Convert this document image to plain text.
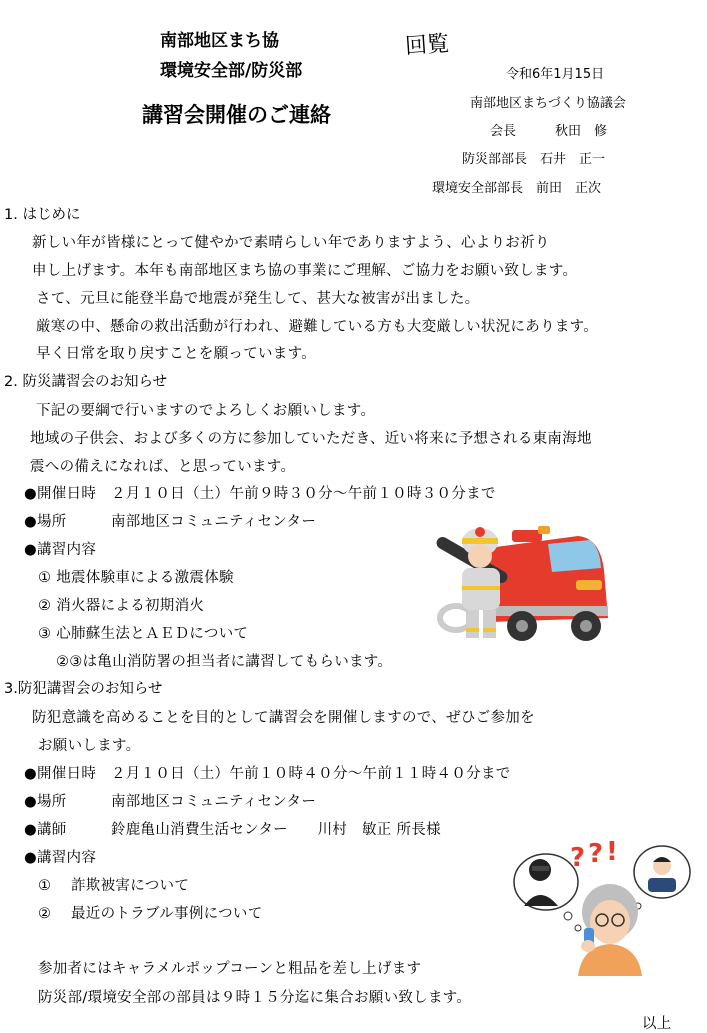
南部地区まち協
環境安全部/防災部
講習会開催のご連絡
回覧
令和6年1月15日
南部地区まちづくり協議会
会長　　　秋田　修
防災部部長　石井　正一
環境安全部部長　前田　正次
1. はじめに
新しい年が皆様にとって健やかで素晴らしい年でありますよう、心よりお祈り
申し上げます。本年も南部地区まち協の事業にご理解、ご協力をお願い致します。
さて、元旦に能登半島で地震が発生して、甚大な被害が出ました。
厳寒の中、懸命の救出活動が行われ、避難している方も大変厳しい状況にあります。
早く日常を取り戻すことを願っています。
2. 防災講習会のお知らせ
下記の要綱で行いますのでよろしくお願いします。
地域の子供会、および多くの方に参加していただき、近い将来に予想される東南海地
震への備えになれば、と思っています。
●開催日時　２月１０日（土）午前９時３０分～午前１０時３０分まで
●場所　　　南部地区コミュニティセンター
●講習内容
① 地震体験車による激震体験
② 消火器による初期消火
③ 心肺蘇生法とＡＥＤについて
②③は亀山消防署の担当者に講習してもらいます。
3.防犯講習会のお知らせ
防犯意識を高めることを目的として講習会を開催しますので、ぜひご参加を
お願いします。
●開催日時　２月１０日（土）午前１０時４０分～午前１１時４０分まで
●場所　　　南部地区コミュニティセンター
●講師　　　鈴鹿亀山消費生活センター　　川村　敏正 所長様
●講習内容
①　 詐欺被害について
②　 最近のトラブル事例について
? ? !
参加者にはキャラメルポップコーンと粗品を差し上げます
防災部/環境安全部の部員は９時１５分迄に集合お願い致します。
以上
